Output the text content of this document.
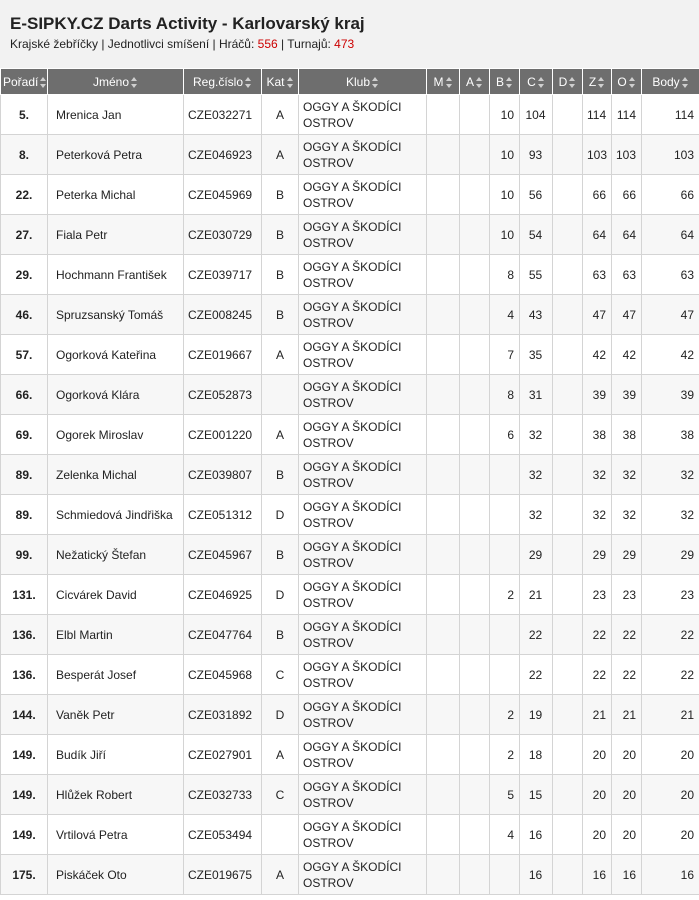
E-SIPKY.CZ Darts Activity - Karlovarský kraj
Krajské žebříčky | Jednotlivci smíšení | Hráčů: 556 | Turnajů: 473
Pořadí	Jméno	Reg.číslo	Kat	Klub	M	A	B	C	D	Z	O	Body
5.	Mrenica Jan	CZE032271	A	OGGY A ŠKODÍCI OSTROV			10	104		114	114	114
8.	Peterková Petra	CZE046923	A	OGGY A ŠKODÍCI OSTROV			10	93		103	103	103
22.	Peterka Michal	CZE045969	B	OGGY A ŠKODÍCI OSTROV			10	56		66	66	66
27.	Fiala Petr	CZE030729	B	OGGY A ŠKODÍCI OSTROV			10	54		64	64	64
29.	Hochmann František	CZE039717	B	OGGY A ŠKODÍCI OSTROV			8	55		63	63	63
46.	Spruzsanský Tomáš	CZE008245	B	OGGY A ŠKODÍCI OSTROV			4	43		47	47	47
57.	Ogorková Kateřina	CZE019667	A	OGGY A ŠKODÍCI OSTROV			7	35		42	42	42
66.	Ogorková Klára	CZE052873		OGGY A ŠKODÍCI OSTROV			8	31		39	39	39
69.	Ogorek Miroslav	CZE001220	A	OGGY A ŠKODÍCI OSTROV			6	32		38	38	38
89.	Zelenka Michal	CZE039807	B	OGGY A ŠKODÍCI OSTROV				32		32	32	32
89.	Schmiedová Jindřiška	CZE051312	D	OGGY A ŠKODÍCI OSTROV				32		32	32	32
99.	Nežatický Štefan	CZE045967	B	OGGY A ŠKODÍCI OSTROV				29		29	29	29
131.	Cicvárek David	CZE046925	D	OGGY A ŠKODÍCI OSTROV			2	21		23	23	23
136.	Elbl Martin	CZE047764	B	OGGY A ŠKODÍCI OSTROV				22		22	22	22
136.	Besperát Josef	CZE045968	C	OGGY A ŠKODÍCI OSTROV				22		22	22	22
144.	Vaněk Petr	CZE031892	D	OGGY A ŠKODÍCI OSTROV			2	19		21	21	21
149.	Budík Jiří	CZE027901	A	OGGY A ŠKODÍCI OSTROV			2	18		20	20	20
149.	Hlůžek Robert	CZE032733	C	OGGY A ŠKODÍCI OSTROV			5	15		20	20	20
149.	Vrtilová Petra	CZE053494		OGGY A ŠKODÍCI OSTROV			4	16		20	20	20
175.	Piskáček Oto	CZE019675	A	OGGY A ŠKODÍCI OSTROV				16		16	16	16
